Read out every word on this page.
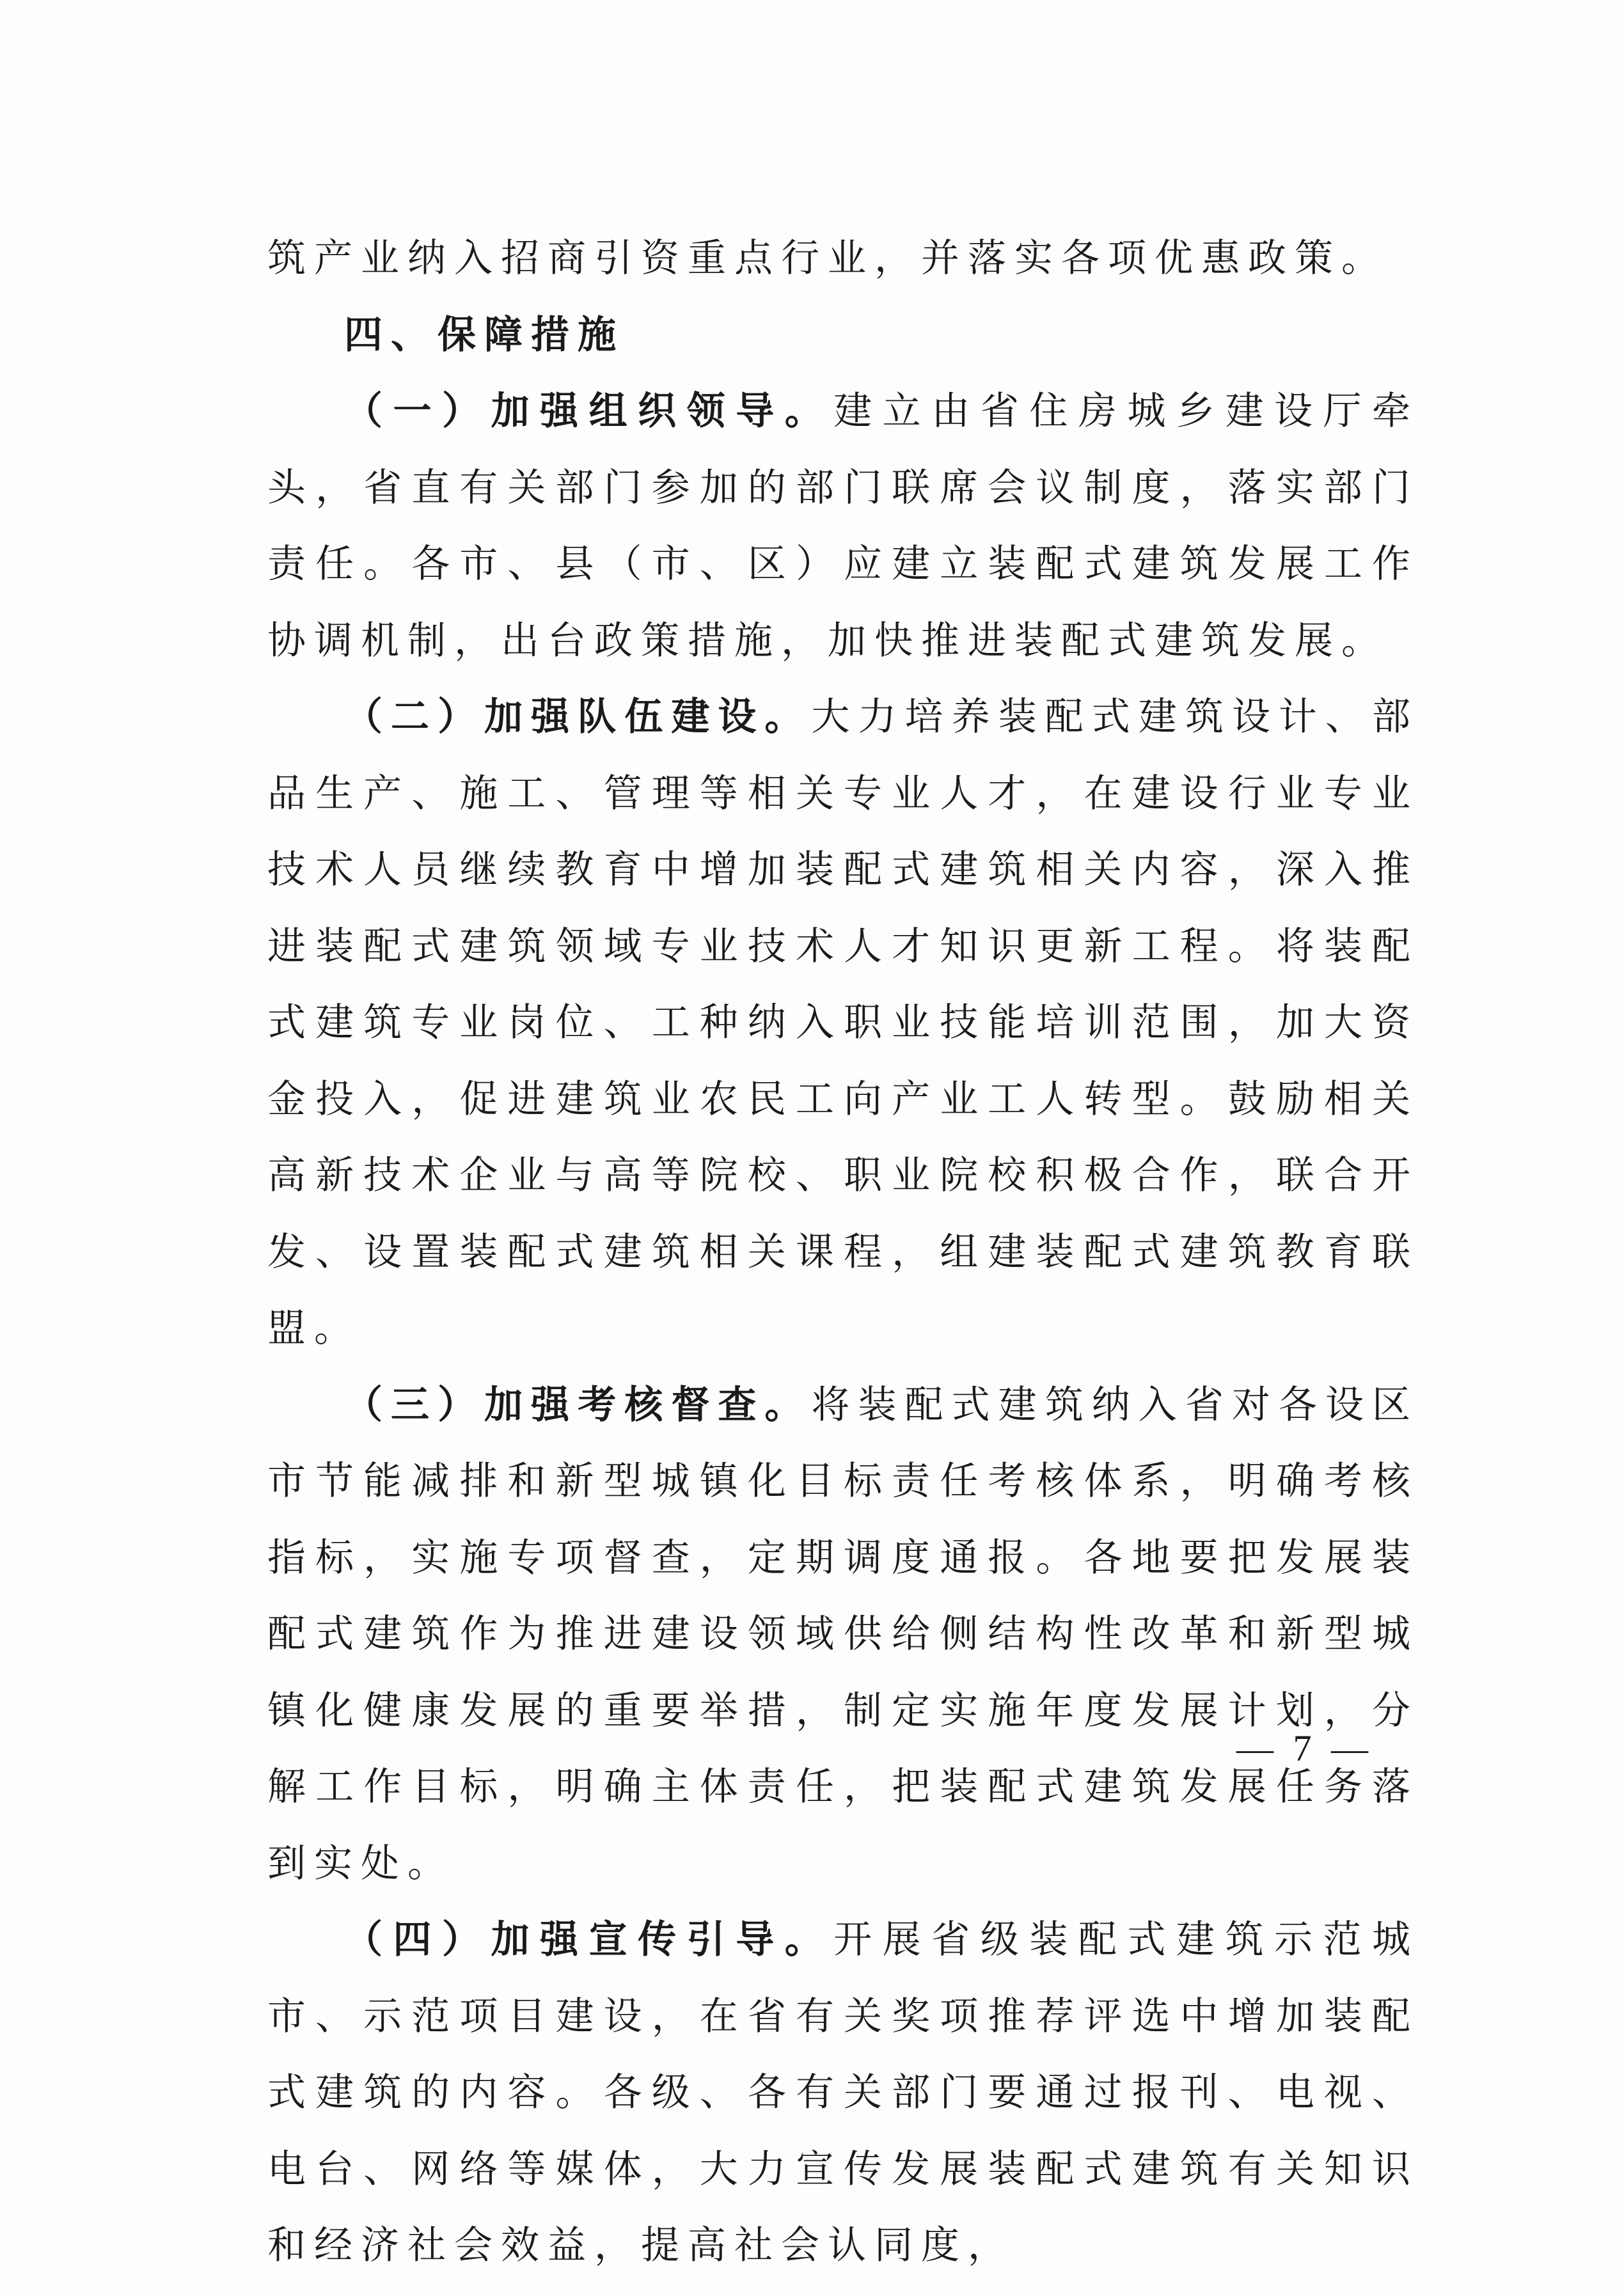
筑产业纳入招商引资重点行业，并落实各项优惠政策。

四、保障措施

（一）加强组织领导。建立由省住房城乡建设厅牵头，省直有关部门参加的部门联席会议制度，落实部门责任。各市、县（市、区）应建立装配式建筑发展工作协调机制，出台政策措施，加快推进装配式建筑发展。

（二）加强队伍建设。大力培养装配式建筑设计、部品生产、施工、管理等相关专业人才，在建设行业专业技术人员继续教育中增加装配式建筑相关内容，深入推进装配式建筑领域专业技术人才知识更新工程。将装配式建筑专业岗位、工种纳入职业技能培训范围，加大资金投入，促进建筑业农民工向产业工人转型。鼓励相关高新技术企业与高等院校、职业院校积极合作，联合开发、设置装配式建筑相关课程，组建装配式建筑教育联盟。

（三）加强考核督查。将装配式建筑纳入省对各设区市节能减排和新型城镇化目标责任考核体系，明确考核指标，实施专项督查，定期调度通报。各地要把发展装配式建筑作为推进建设领域供给侧结构性改革和新型城镇化健康发展的重要举措，制定实施年度发展计划，分解工作目标，明确主体责任，把装配式建筑发展任务落到实处。

（四）加强宣传引导。开展省级装配式建筑示范城市、示范项目建设，在省有关奖项推荐评选中增加装配式建筑的内容。各级、各有关部门要通过报刊、电视、电台、网络等媒体，大力宣传发展装配式建筑有关知识和经济社会效益，提高社会认同度，

— 7 —
